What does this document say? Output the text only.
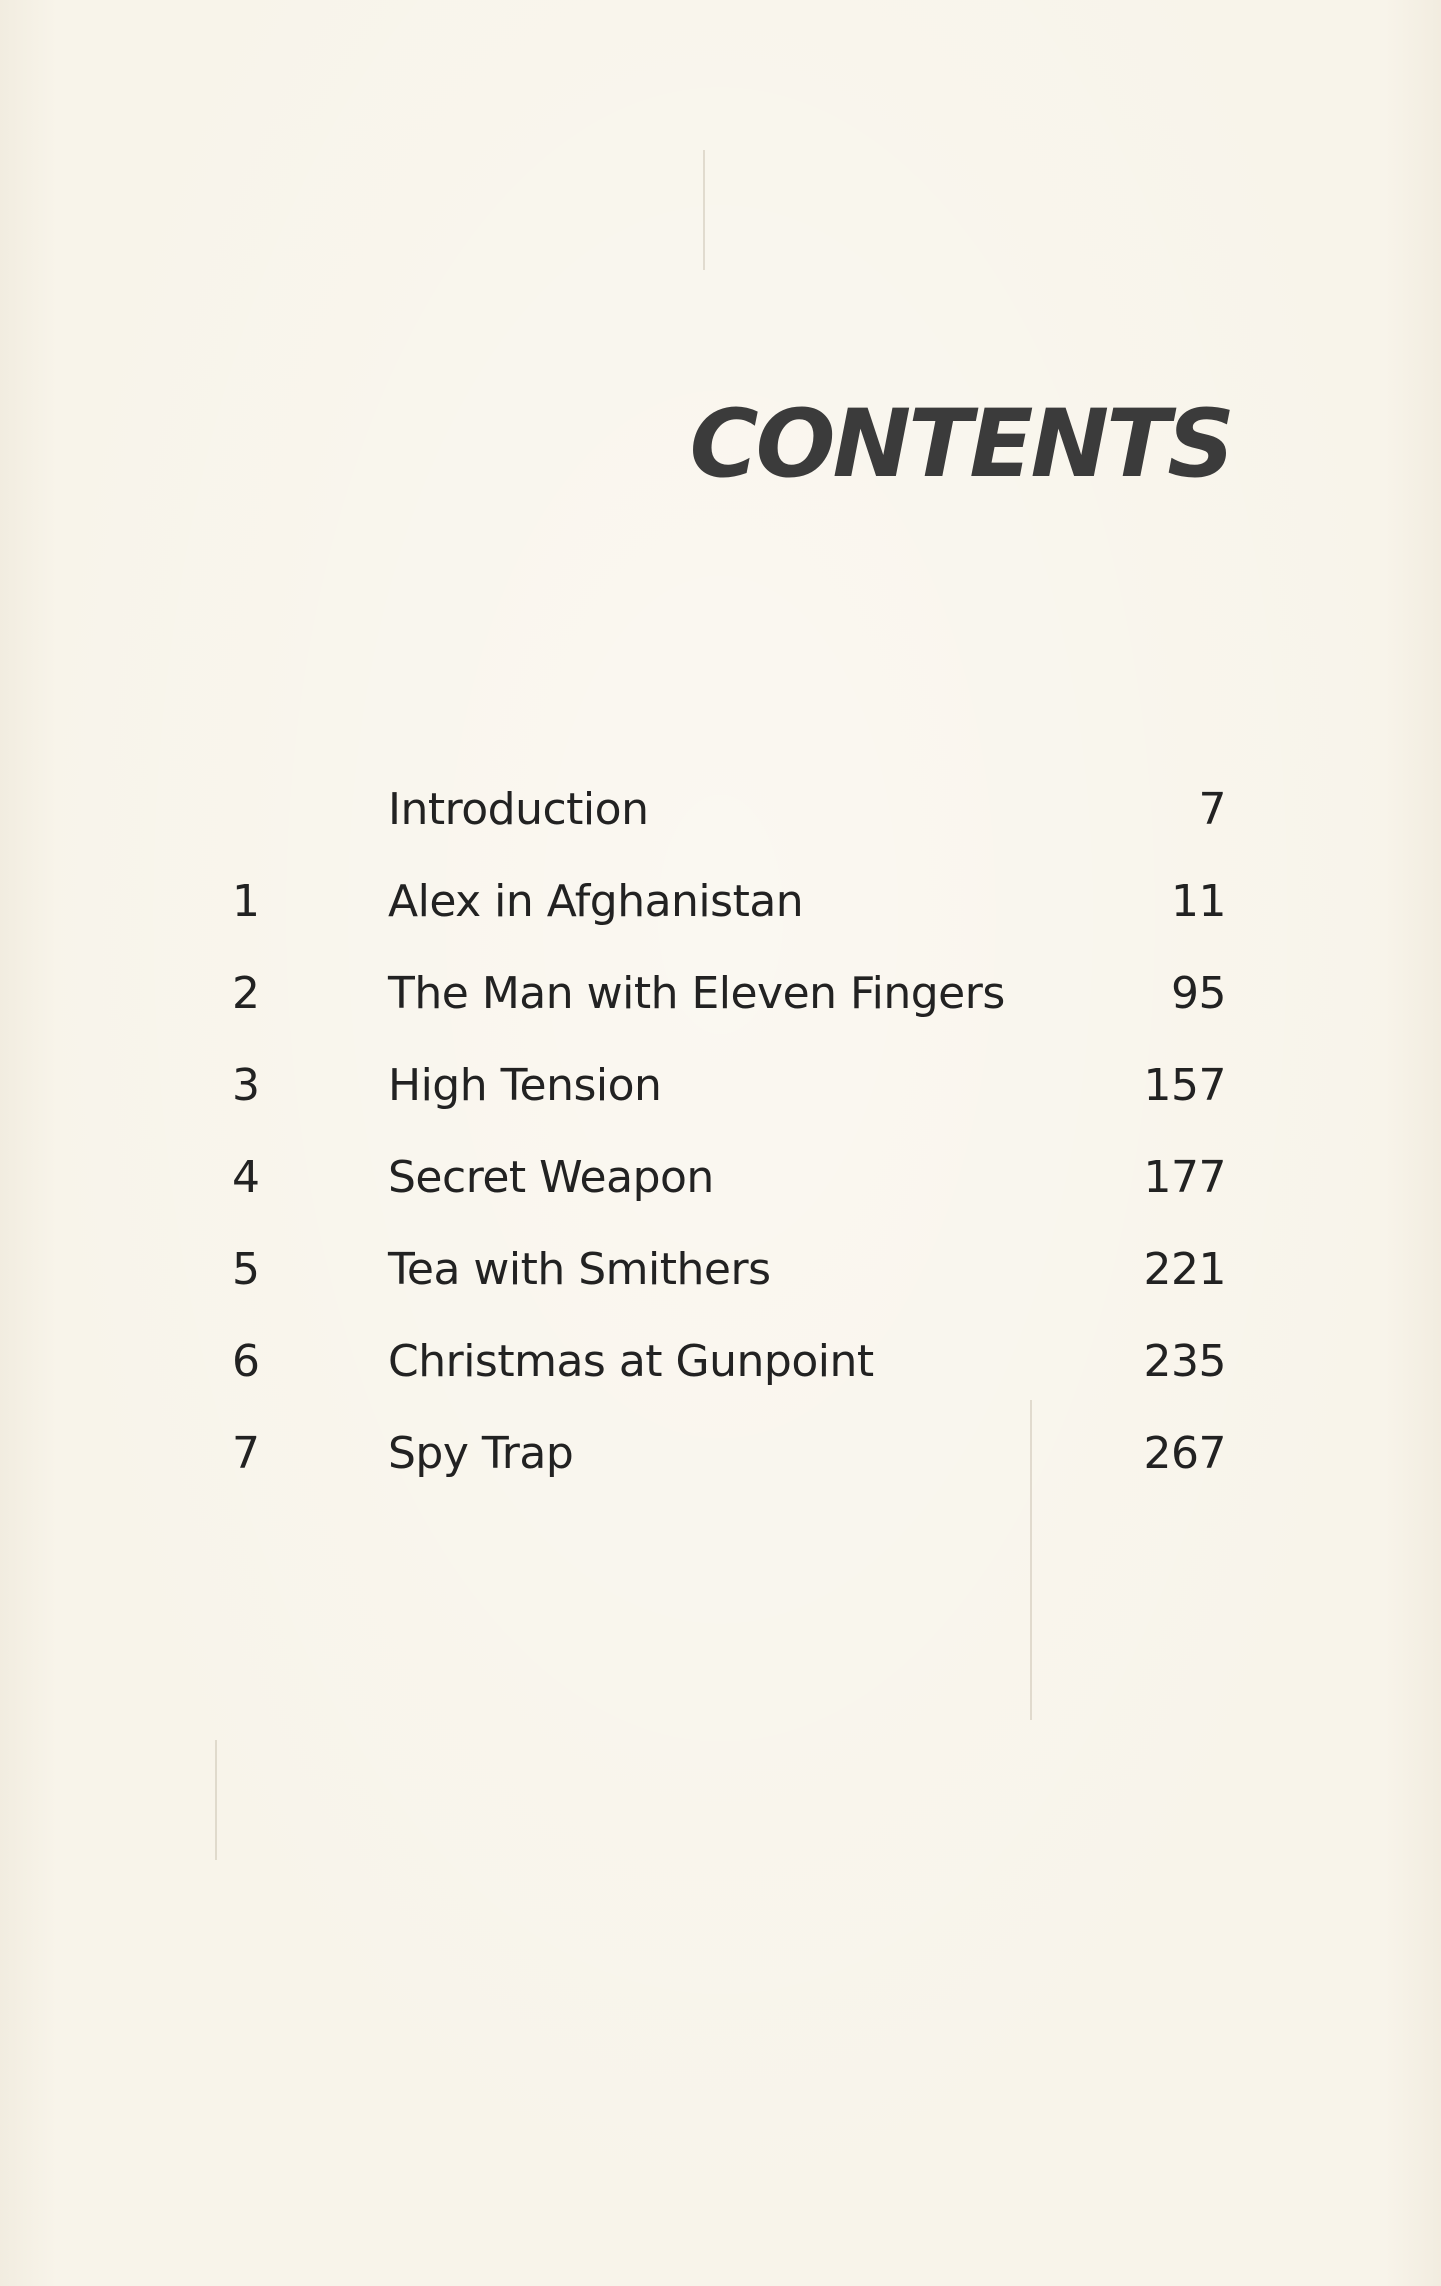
CONTENTS
Introduction	7
1	Alex in Afghanistan	11
2	The Man with Eleven Fingers	95
3	High Tension	157
4	Secret Weapon	177
5	Tea with Smithers	221
6	Christmas at Gunpoint	235
7	Spy Trap	267
